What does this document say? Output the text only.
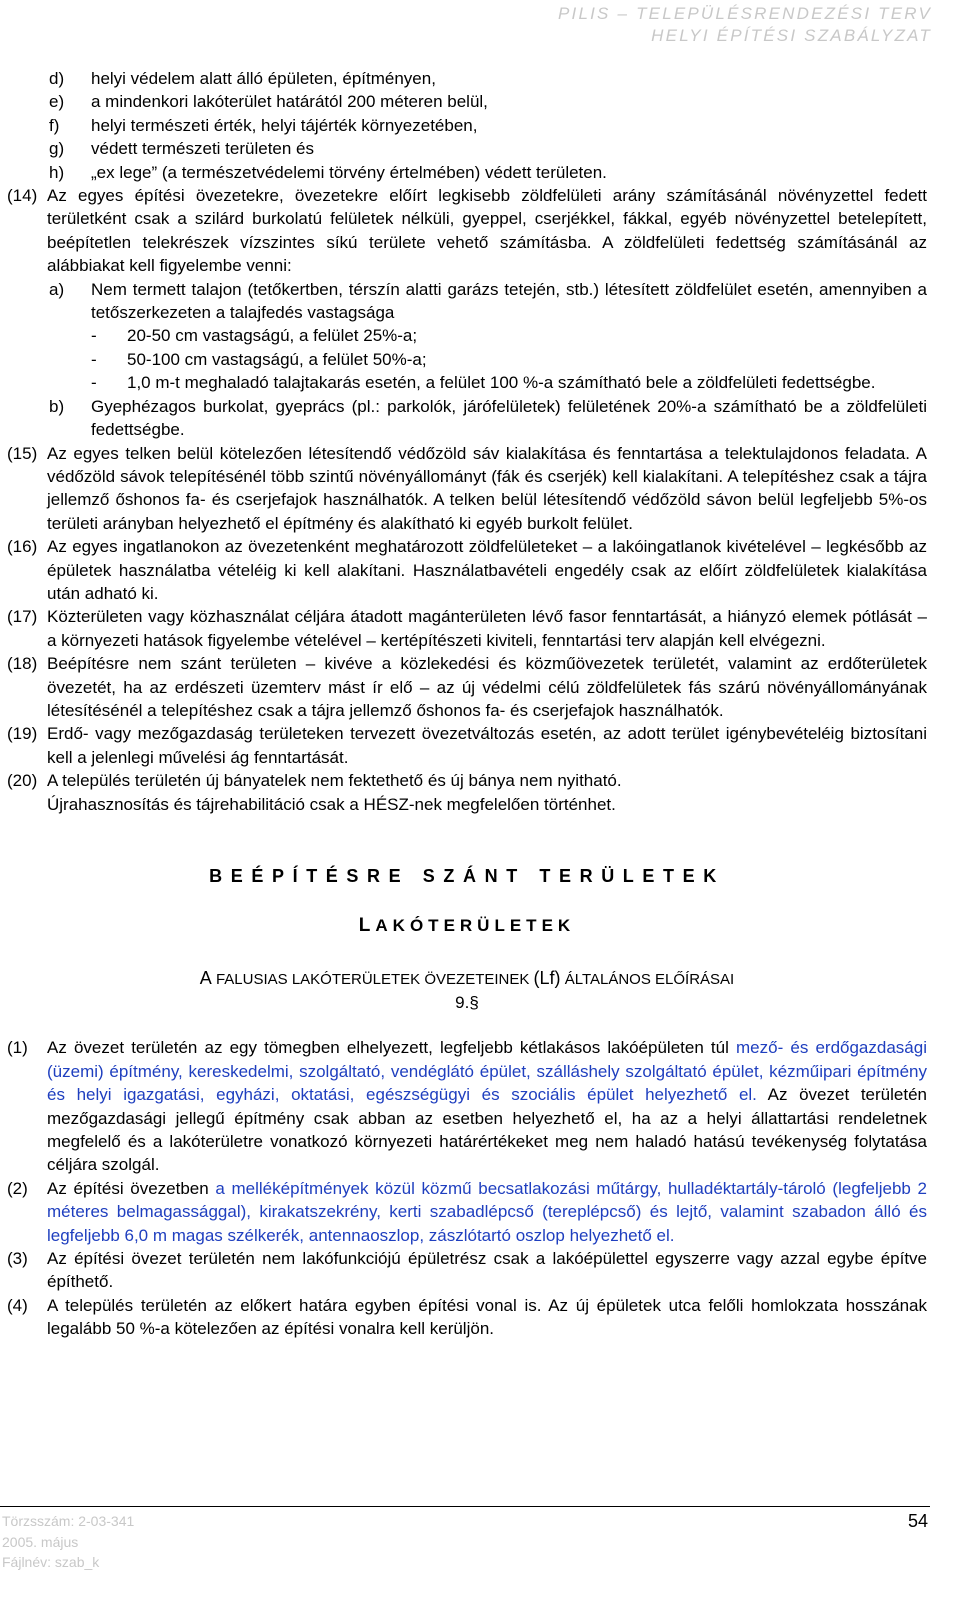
PILIS – TELEPÜLÉSRENDEZÉSI TERV
HELYI ÉPÍTÉSI SZABÁLYZAT
d)	helyi védelem alatt álló épületen, építményen,
e)	a mindenkori lakóterület határától 200 méteren belül,
f)	helyi természeti érték, helyi tájérték környezetében,
g)	védett természeti területen és
h)	„ex lege” (a természetvédelemi törvény értelmében) védett területen.
(14) Az egyes építési övezetekre, övezetekre előírt legkisebb zöldfelületi arány számításánál növényzettel fedett területként csak a szilárd burkolatú felületek nélküli, gyeppel, cserjékkel, fákkal, egyéb növényzettel betelepített, beépítetlen telekrészek vízszintes síkú területe vehető számításba. A zöldfelületi fedettség számításánál az alábbiakat kell figyelembe venni:
a)	Nem termett talajon (tetőkertben, térszín alatti garázs tetején, stb.) létesített zöldfelület esetén, amennyiben a tetőszerkezeten a talajfedés vastagsága
-	20-50 cm vastagságú, a felület 25%-a;
-	50-100 cm vastagságú, a felület 50%-a;
-	1,0 m-t meghaladó talajtakarás esetén, a felület 100 %-a számítható bele a zöldfelületi fedettségbe.
b)	Gyephézagos burkolat, gyeprács (pl.: parkolók, járófelületek) felületének 20%-a számítható be a zöldfelületi fedettségbe.
(15) Az egyes telken belül kötelezően létesítendő védőzöld sáv kialakítása és fenntartása a telektulajdonos feladata. A védőzöld sávok telepítésénél több szintű növényállományt (fák és cserjék) kell kialakítani. A telepítéshez csak a tájra jellemző őshonos fa- és cserjefajok használhatók. A telken belül létesítendő védőzöld sávon belül legfeljebb 5%-os területi arányban helyezhető el építmény és alakítható ki egyéb burkolt felület.
(16) Az egyes ingatlanokon az övezetenként meghatározott zöldfelületeket – a lakóingatlanok kivételével – legkésőbb az épületek használatba vételéig ki kell alakítani. Használatbavételi engedély csak az előírt zöldfelületek kialakítása után adható ki.
(17) Közterületen vagy közhasználat céljára átadott magánterületen lévő fasor fenntartását, a hiányzó elemek pótlását – a környezeti hatások figyelembe vételével – kertépítészeti kiviteli, fenntartási terv alapján kell elvégezni.
(18) Beépítésre nem szánt területen – kivéve a közlekedési és közműövezetek területét, valamint az erdőterületek övezetét, ha az erdészeti üzemterv mást ír elő – az új védelmi célú zöldfelületek fás szárú növényállományának létesítésénél a telepítéshez csak a tájra jellemző őshonos fa- és cserjefajok használhatók.
(19) Erdő- vagy mezőgazdaság területeken tervezett övezetváltozás esetén, az adott terület igénybevételéig biztosítani kell a jelenlegi művelési ág fenntartását.
(20) A település területén új bányatelek nem fektethető és új bánya nem nyitható.
Újrahasznosítás és tájrehabilitáció csak a HÉSZ-nek megfelelően történhet.
BEÉPÍTÉSRE SZÁNT TERÜLETEK
LAKÓTERÜLETEK
A FALUSIAS LAKÓTERÜLETEK ÖVEZETEINEK (Lf) ÁLTALÁNOS ELŐÍRÁSAI
9.§
(1)	Az övezet területén az egy tömegben elhelyezett, legfeljebb kétlakásos lakóépületen túl mező- és erdőgazdasági (üzemi) építmény, kereskedelmi, szolgáltató, vendéglátó épület, szálláshely szolgáltató épület, kézműipari építmény és helyi igazgatási, egyházi, oktatási, egészségügyi és szociális épület helyezhető el. Az övezet területén mezőgazdasági jellegű építmény csak abban az esetben helyezhető el, ha az a helyi állattartási rendeletnek megfelelő és a lakóterületre vonatkozó környezeti határértékeket meg nem haladó hatású tevékenység folytatása céljára szolgál.
(2)	Az építési övezetben a melléképítmények közül közmű becsatlakozási műtárgy, hulladéktartály-tároló (legfeljebb 2 méteres belmagassággal), kirakatszekrény, kerti szabadlépcső (tereplépcső) és lejtő, valamint szabadon álló és legfeljebb 6,0 m magas szélkerék, antennaoszlop, zászlótartó oszlop helyezhető el.
(3)	Az építési övezet területén nem lakófunkciójú épületrész csak a lakóépülettel egyszerre vagy azzal egybe építve építhető.
(4)	A település területén az előkert határa egyben építési vonal is. Az új épületek utca felőli homlokzata hosszának legalább 50 %-a kötelezően az építési vonalra kell kerüljön.
Törzsszám: 2-03-341
2005. május
Fájlnév: szab_k
54
